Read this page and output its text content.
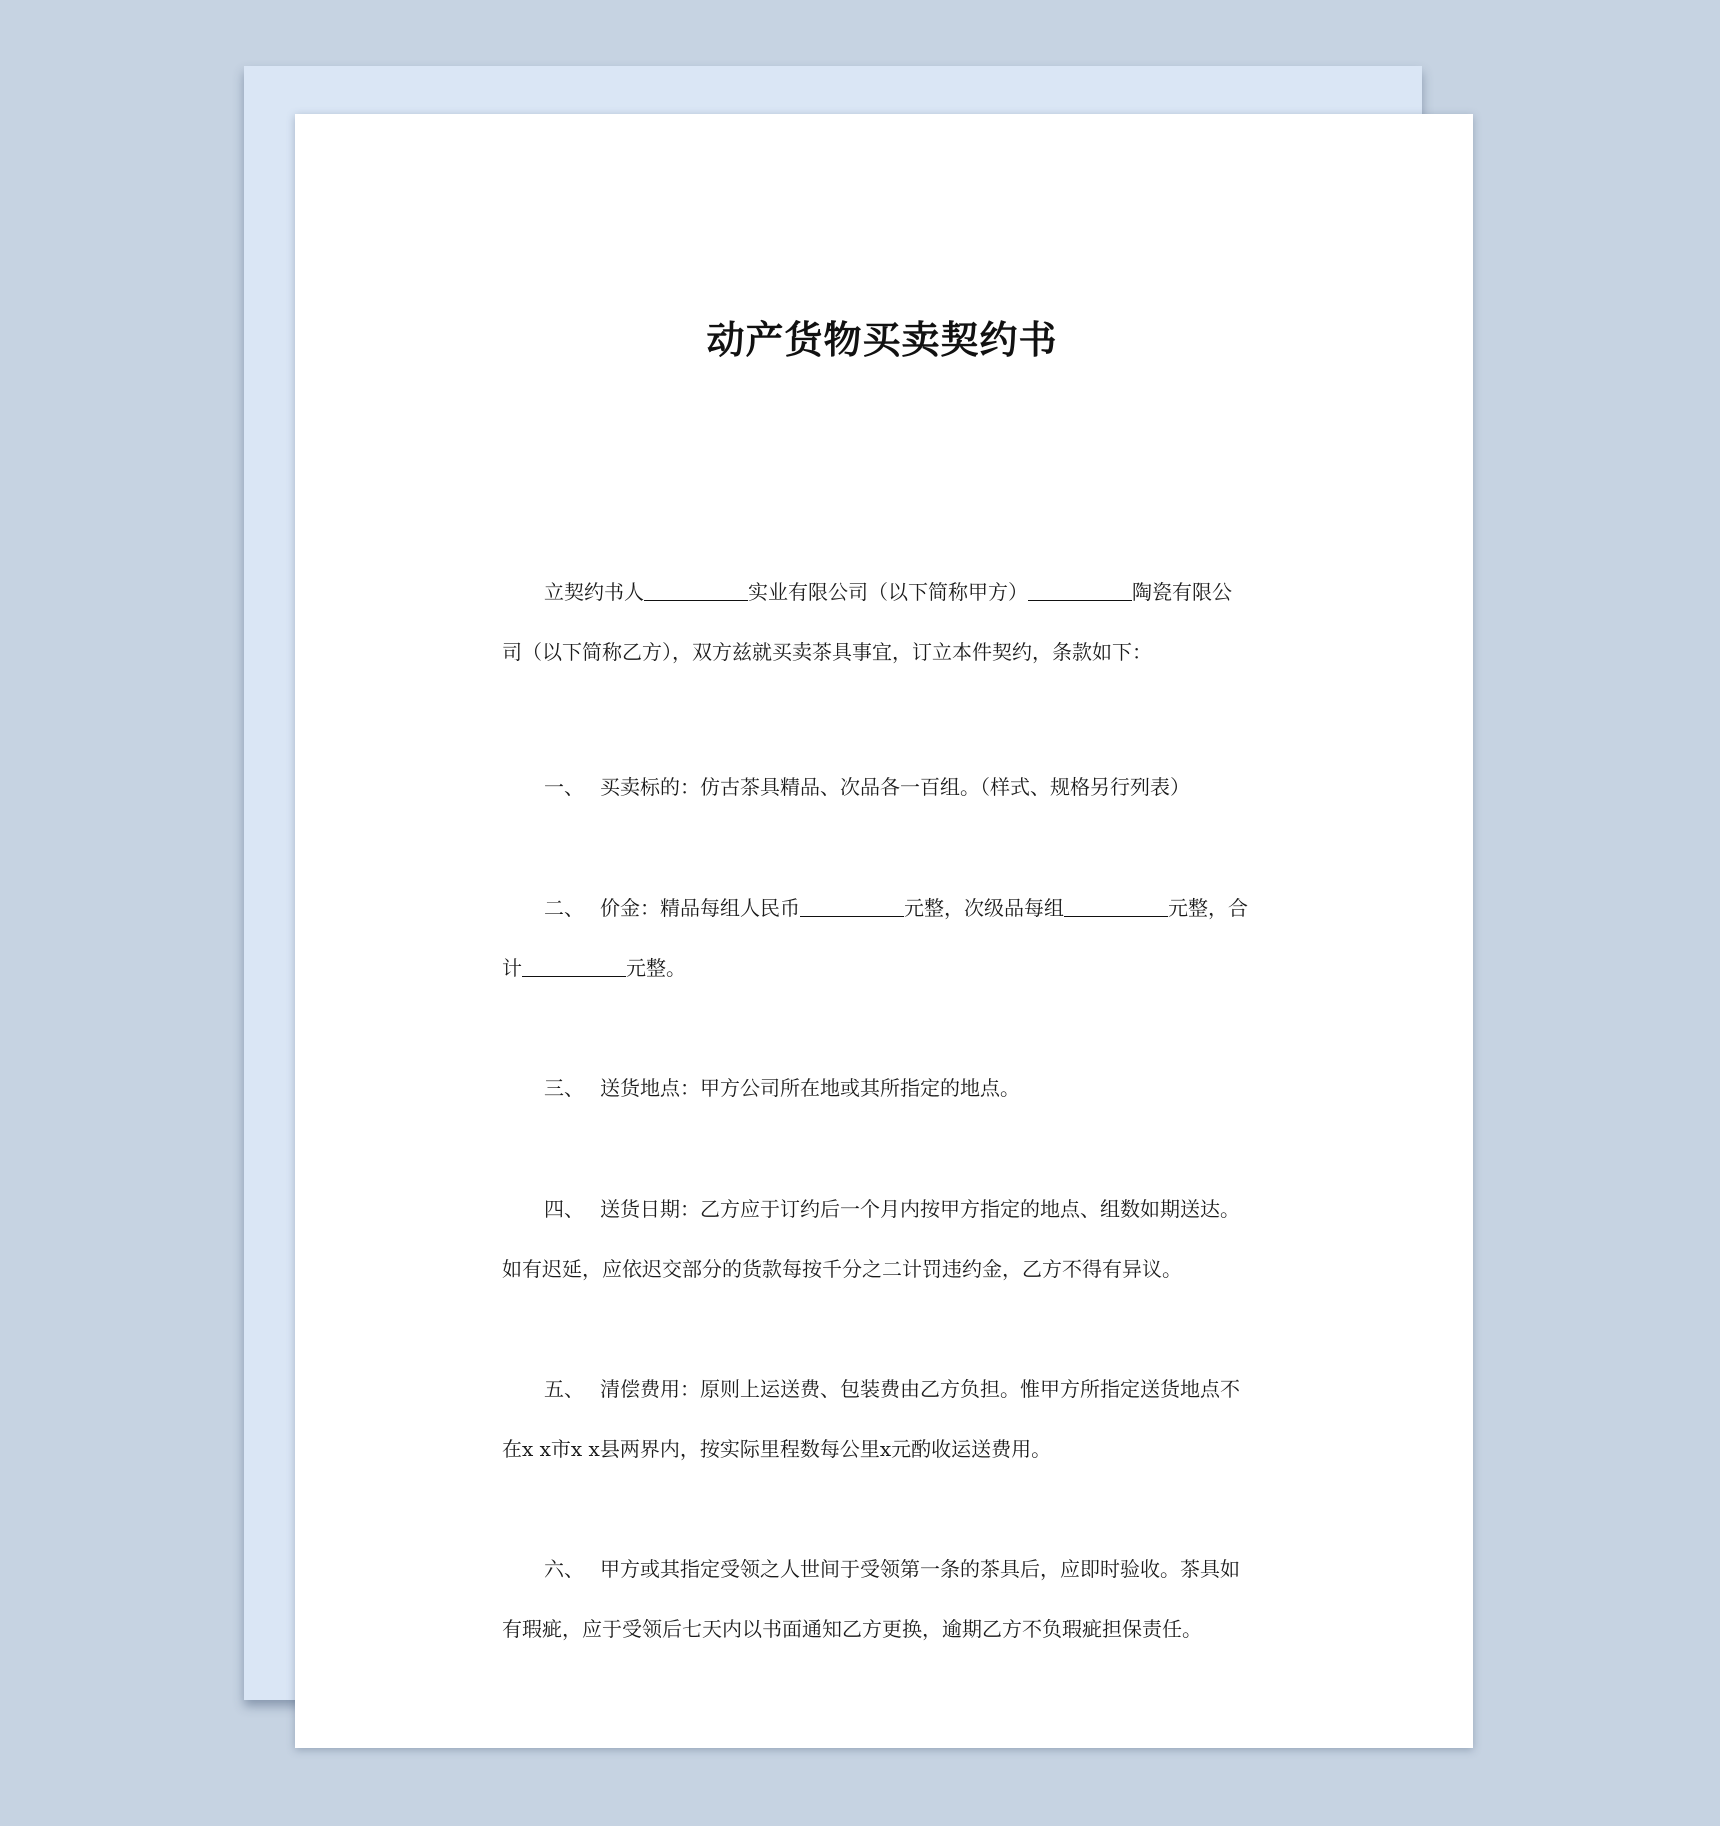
动产货物买卖契约书

立契约书人	实业有限公司（以下简称甲方）	陶瓷有限公
司（以下简称乙方），双方兹就买卖茶具事宜，订立本件契约，条款如下：

一、 买卖标的：仿古茶具精品、次品各一百组。（样式、规格另行列表）

二、 价金：精品每组人民币	元整，次级品每组	元整，合
计	元整。

三、 送货地点：甲方公司所在地或其所指定的地点。

四、 送货日期：乙方应于订约后一个月内按甲方指定的地点、组数如期送达。
如有迟延，应依迟交部分的货款每按千分之二计罚违约金，乙方不得有异议。

五、 清偿费用：原则上运送费、包装费由乙方负担。惟甲方所指定送货地点不
在x x市x x县两界内，按实际里程数每公里x元酌收运送费用。

六、 甲方或其指定受领之人世间于受领第一条的茶具后，应即时验收。茶具如
有瑕疵，应于受领后七天内以书面通知乙方更换，逾期乙方不负瑕疵担保责任。
